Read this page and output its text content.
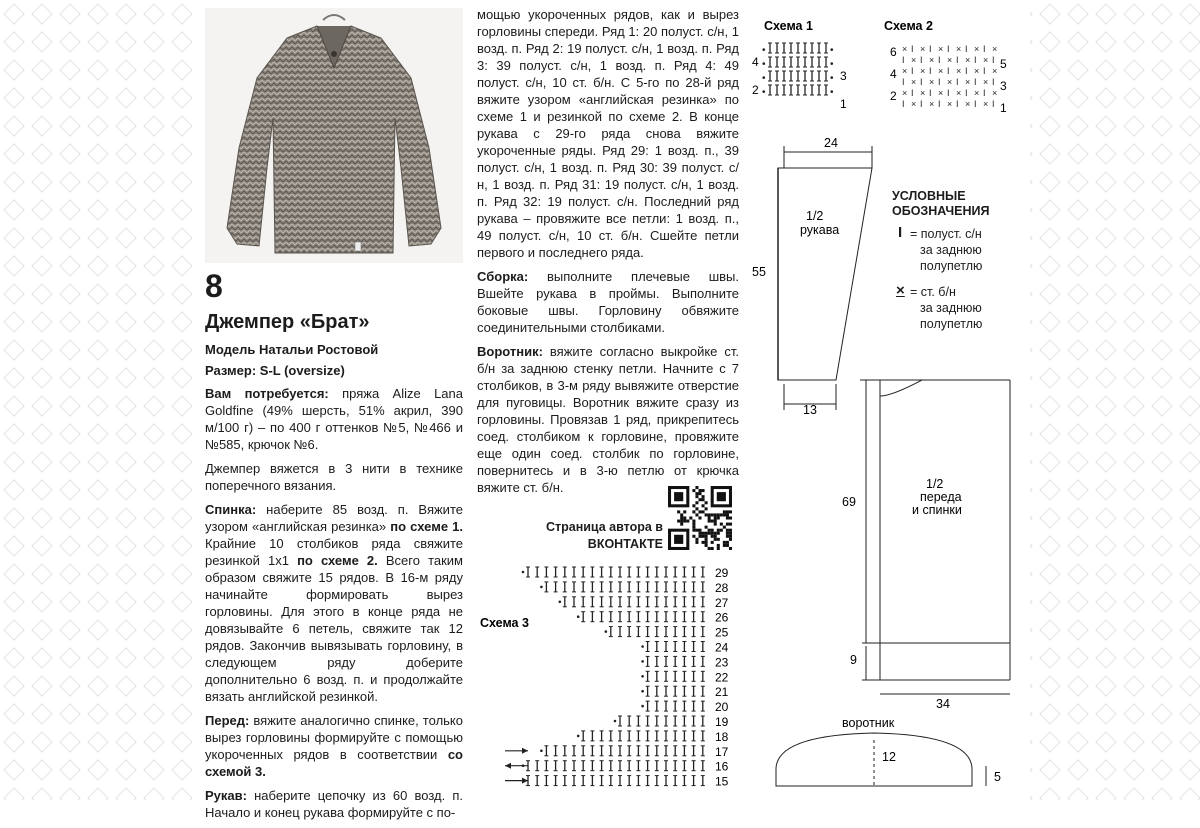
8
Джемпер «Брат»
Модель Натальи Ростовой
Размер: S-L (oversize)

Вам потребуется: пряжа Alize Lana Goldfine (49% шерсть, 51% акрил, 390 м/100 г) – по 400 г оттенков №5, №466 и №585, крючок №6.

Джемпер вяжется в 3 нити в технике поперечного вязания.

Спинка: наберите 85 возд. п. Вяжите узором «английская резинка» по схеме 1. Крайние 10 столбиков ряда свяжите резинкой 1х1 по схеме 2. Всего таким образом свяжите 15 рядов. В 16-м ряду начинайте формировать вырез горловины. Для этого в конце ряда не довязывайте 6 петель, свяжите так 12 рядов. Закончив вывязывать горловину, в следующем ряду доберите дополнительно 6 возд. п. и продолжайте вязать английской резинкой.

Перед: вяжите аналогично спинке, только вырез горловины формируйте с помощью укороченных рядов в соответствии со схемой 3.

Рукав: наберите цепочку из 60 возд. п. Начало и конец рукава формируйте с по-

мощью укороченных рядов, как и вырез горловины спереди. Ряд 1: 20 полуст. с/н, 1 возд. п. Ряд 2: 19 полуст. с/н, 1 возд. п. Ряд 3: 39 полуст. с/н, 1 возд. п. Ряд 4: 49 полуст. с/н, 10 ст. б/н. С 5-го по 28-й ряд вяжите узором «английская резинка» по схеме 1 и резинкой по схеме 2. В конце рукава с 29-го ряда снова вяжите укороченные ряды. Ряд 29: 1 возд. п., 39 полуст. с/н, 1 возд. п. Ряд 30: 39 полуст. с/н, 1 возд. п. Ряд 31: 19 полуст. с/н, 1 возд. п. Ряд 32: 19 полуст. с/н. Последний ряд рукава – провяжите все петли: 1 возд. п., 49 полуст. с/н, 10 ст. б/н. Сшейте петли первого и последнего ряда.

Сборка: выполните плечевые швы. Вшейте рукава в проймы. Выполните боковые швы. Горловину обвяжите соединительными столбиками.

Воротник: вяжите согласно выкройке ст. б/н за заднюю стенку петли. Начните с 7 столбиков, в 3-м ряду вывяжите отверстие для пуговицы. Воротник вяжите сразу из горловины. Провязав 1 ряд, прикрепитесь соед. столбиком к горловине, провяжите еще один соед. столбик по горловине, повернитесь и в 3-ю петлю от крючка вяжите ст. б/н.

Страница автора в ВКОНТАКТЕ
Схема 1
•	•
•	•
•	•
•	•
4
2
3
1
Схема 2
× I × I × I × I × I ×
I × I × I × I × I × I
× I × I × I × I × I ×
I × I × I × I × I × I
× I × I × I × I × I ×
I × I × I × I × I × I
6
4
2
5
3
1
Схема 3
29
28
27
26
25
24
23
22
21
20
19
18
17
16
15
1/2
рукава
24
55
13
1/2
переда
и спинки
69
9
34
воротник
12
5
УСЛОВНЫЕ
ОБОЗНАЧЕНИЯ
I = полуст. с/н
за заднюю
полупетлю
× = ст. б/н
за заднюю
полупетлю
